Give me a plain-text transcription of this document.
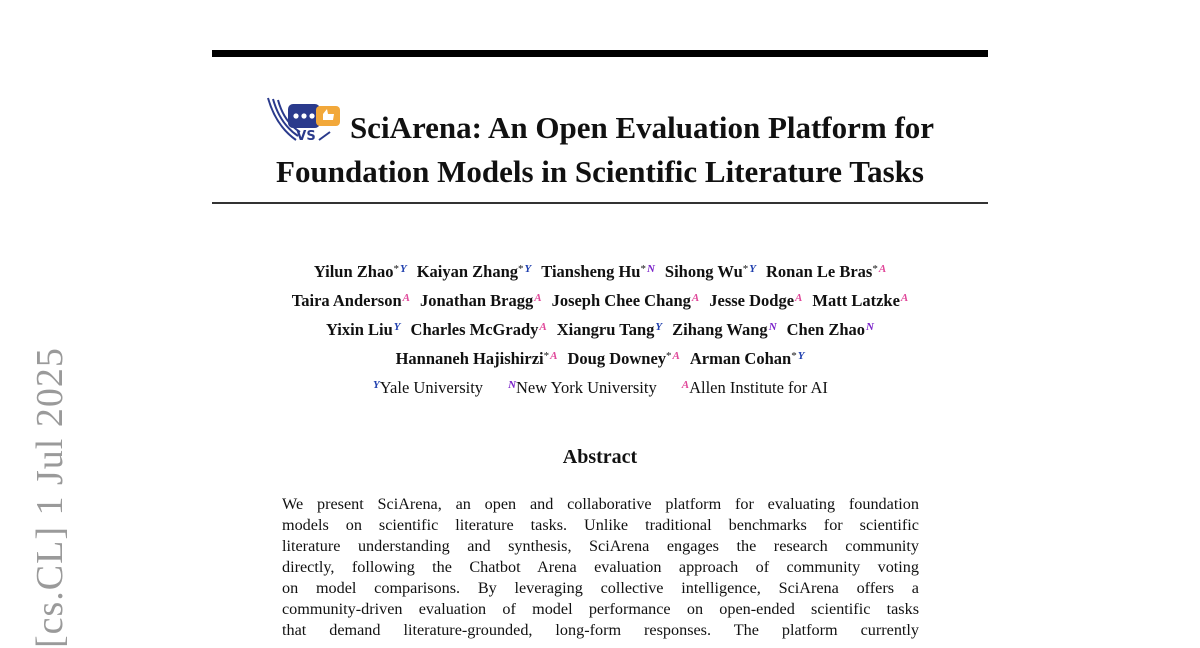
[cs.CL] 1 Jul 2025
VS SciArena: An Open Evaluation Platform for
Foundation Models in Scientific Literature Tasks
Yilun Zhao$^{*Y}$ Kaiyan Zhang$^{*Y}$ Tiansheng Hu$^{*N}$ Sihong Wu$^{*Y}$ Ronan Le Bras$^{*A}$
Taira Anderson$^A$ Jonathan Bragg$^A$ Joseph Chee Chang$^A$ Jesse Dodge$^A$ Matt Latzke$^A$
Yixin Liu$^Y$ Charles McGrady$^A$ Xiangru Tang$^Y$ Zihang Wang$^N$ Chen Zhao$^N$
Hannaneh Hajishirzi$^{*A}$ Doug Downey$^{*A}$ Arman Cohan$^{*Y}$
$^Y$Yale University $^N$New York University $^A$Allen Institute for AI
Abstract
We present SciArena, an open and collaborative platform for evaluating foundation
models on scientific literature tasks. Unlike traditional benchmarks for scientific
literature understanding and synthesis, SciArena engages the research community
directly, following the Chatbot Arena evaluation approach of community voting
on model comparisons. By leveraging collective intelligence, SciArena offers a
community-driven evaluation of model performance on open-ended scientific tasks
that demand literature-grounded, long-form responses. The platform currently
